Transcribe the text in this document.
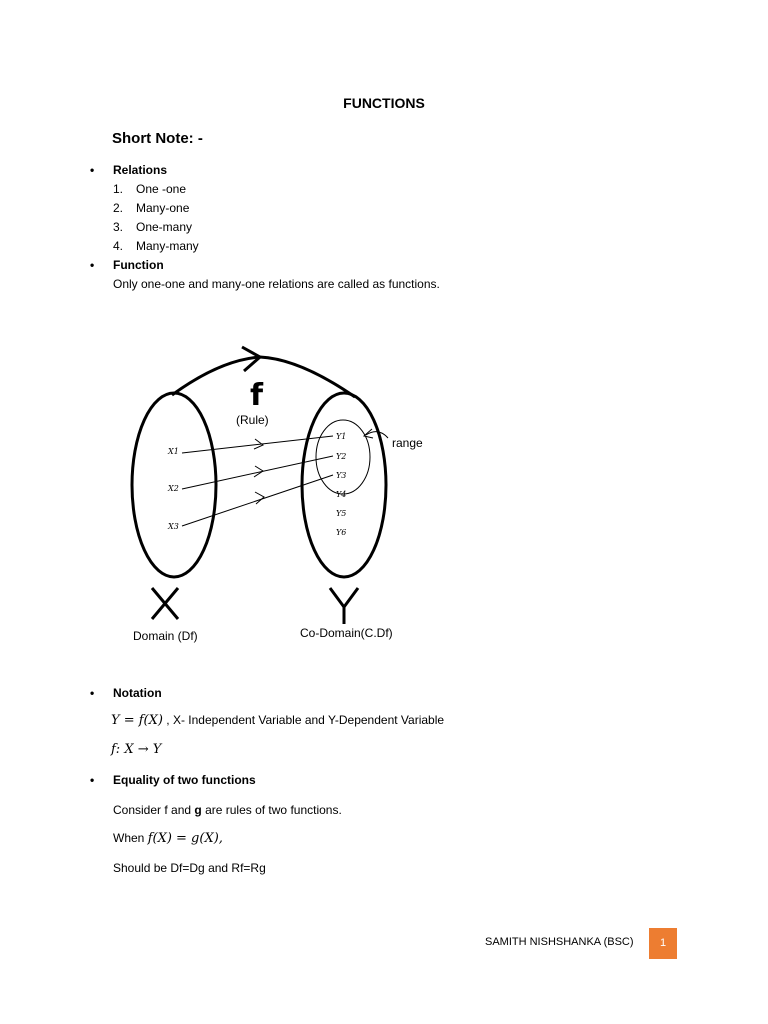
FUNCTIONS
Short Note: -
• Relations
1. One -one
2. Many-one
3. One-many
4. Many-many
• Function
Only one-one and many-one relations are called as functions.
f
(Rule)
range
X1
X2
X3
Y1
Y2
Y3
Y4
Y5
Y6
Domain (Df)	Co-Domain(C.Df)
• Notation
Y = f(X) , X- Independent Variable and Y-Dependent Variable
f: X → Y
• Equality of two functions
Consider f and g are rules of two functions.
When f(X) = g(X),
Should be Df=Dg and Rf=Rg
SAMITH NISHSHANKA (BSC)	1
